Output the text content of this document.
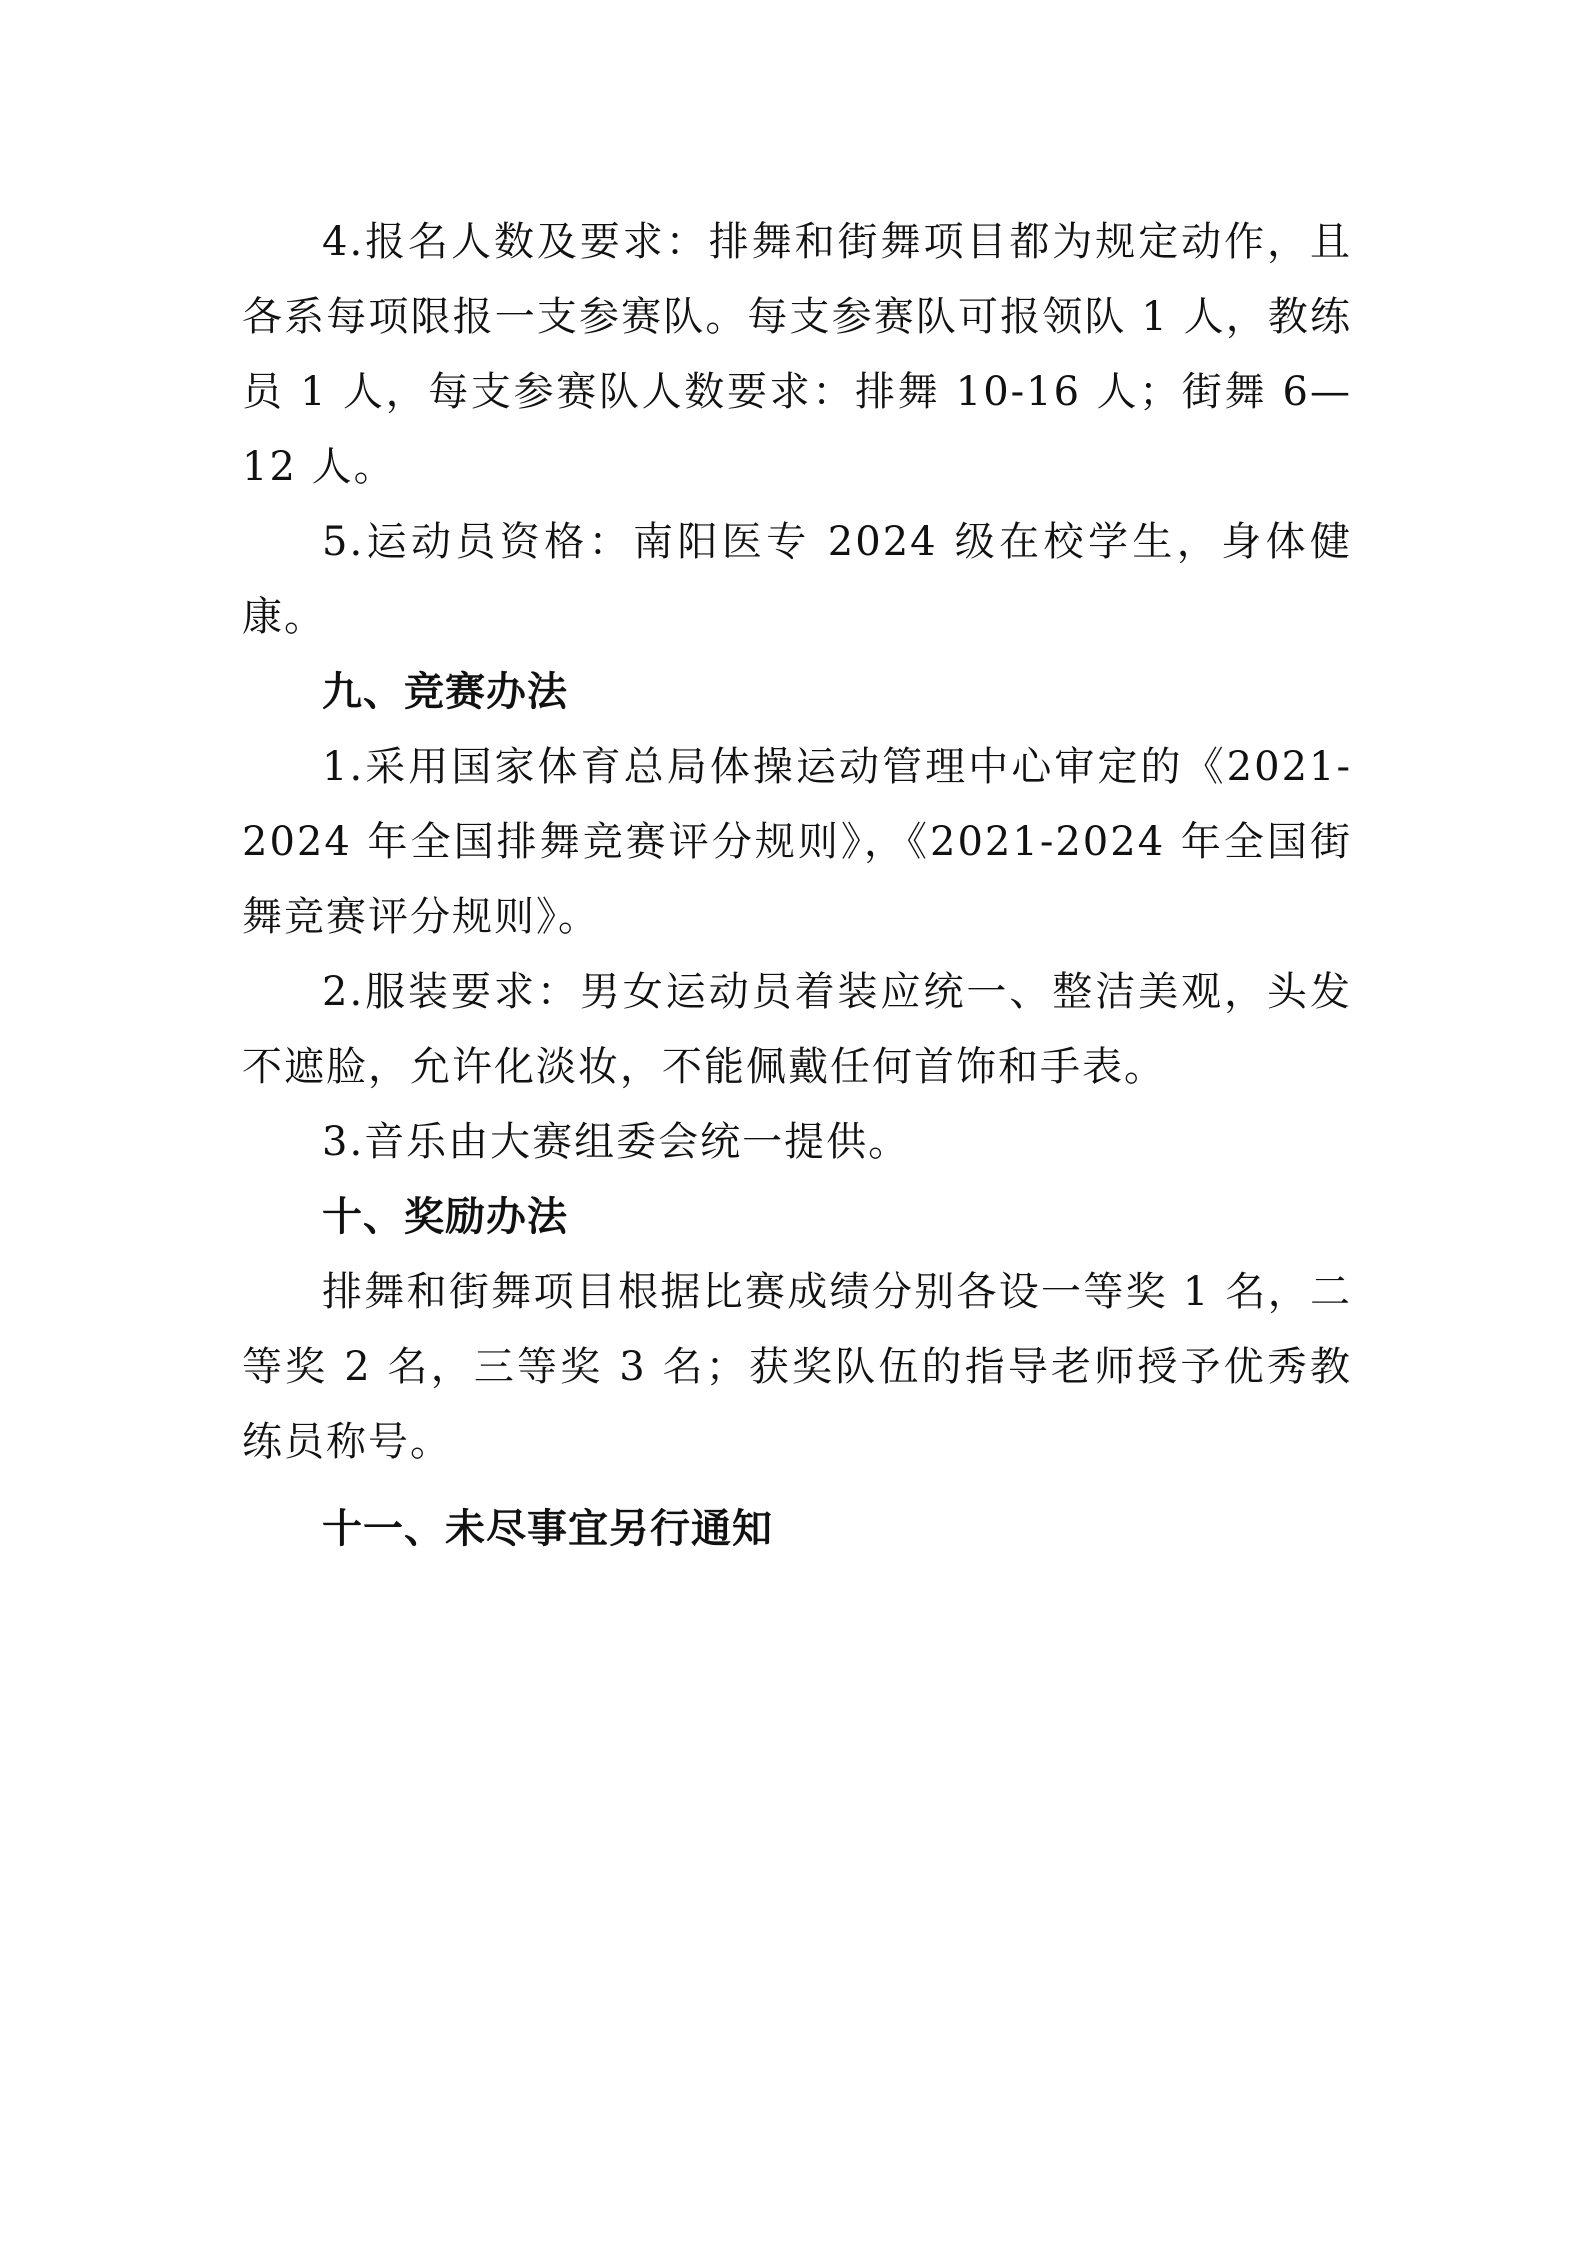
4.报名人数及要求：排舞和街舞项目都为规定动作，且各系每项限报一支参赛队。每支参赛队可报领队 1 人，教练员 1 人，每支参赛队人数要求：排舞 10-16 人；街舞 6—12 人。

5.运动员资格：南阳医专 2024 级在校学生，身体健康。

九、竞赛办法

1.采用国家体育总局体操运动管理中心审定的《2021-2024 年全国排舞竞赛评分规则》，《2021-2024 年全国街舞竞赛评分规则》。

2.服装要求：男女运动员着装应统一、整洁美观，头发不遮脸，允许化淡妆，不能佩戴任何首饰和手表。

3.音乐由大赛组委会统一提供。

十、奖励办法

排舞和街舞项目根据比赛成绩分别各设一等奖 1 名，二等奖 2 名，三等奖 3 名；获奖队伍的指导老师授予优秀教练员称号。

十一、未尽事宜另行通知
